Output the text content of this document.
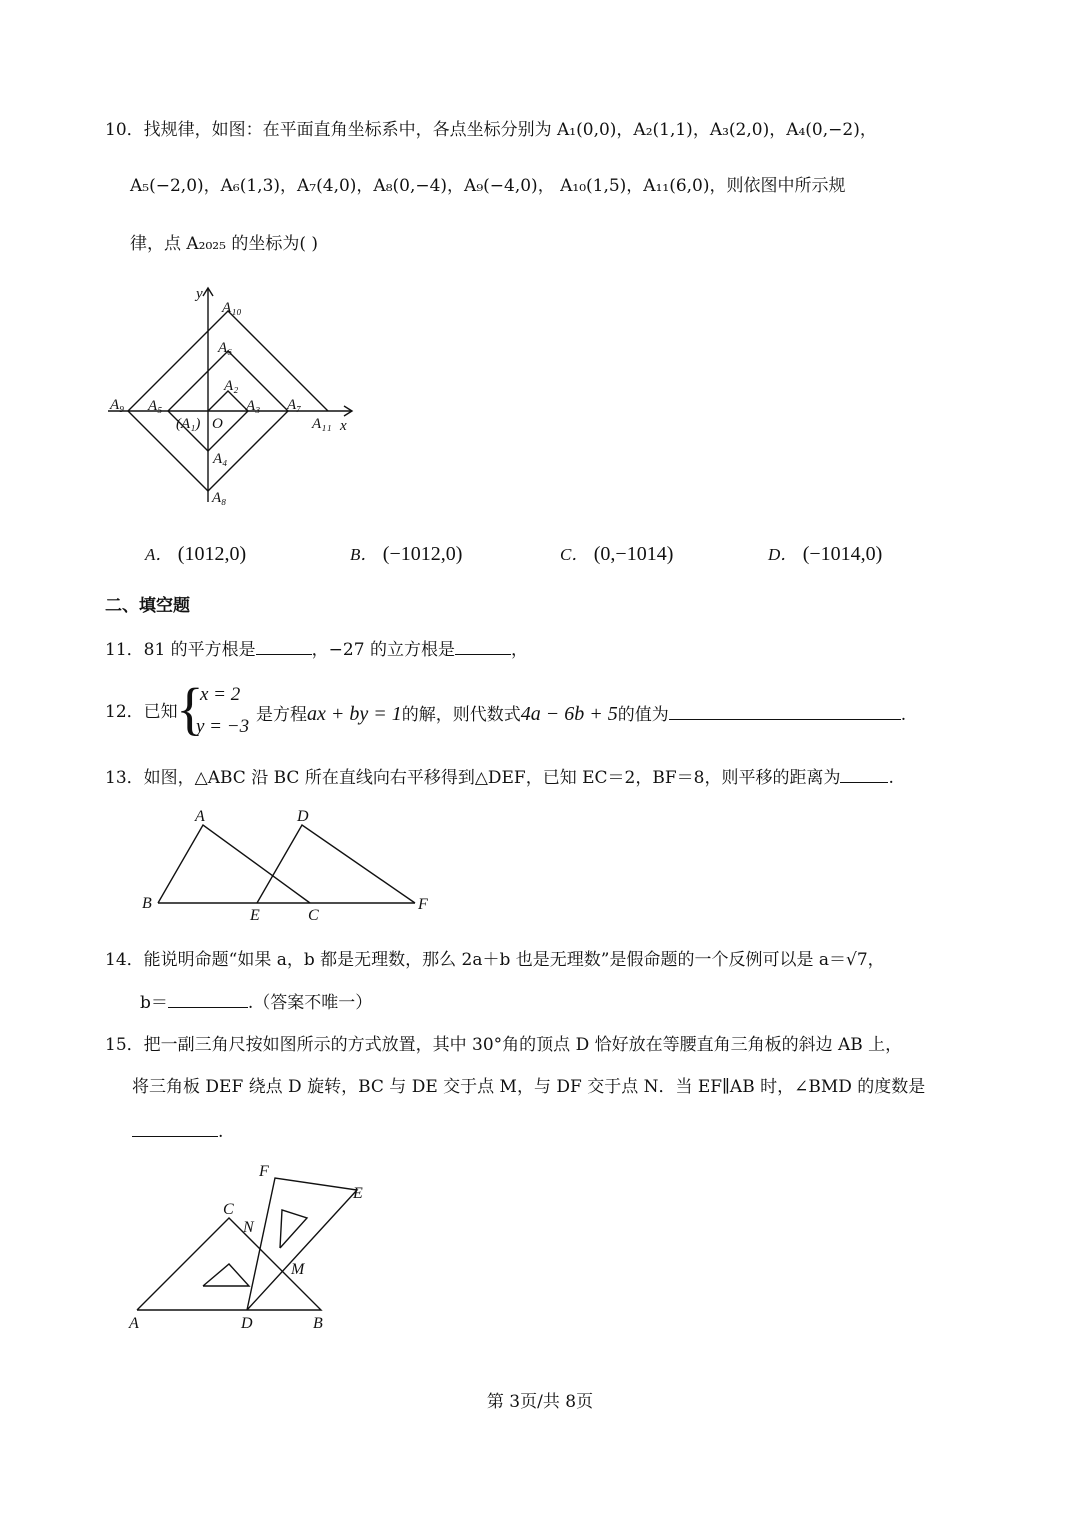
10．找规律，如图：在平面直角坐标系中，各点坐标分别为 A₁(0,0)，A₂(1,1)，A₃(2,0)，A₄(0,−2)，
A₅(−2,0)，A₆(1,3)，A₇(4,0)，A₈(0,−4)，A₉(−4,0)， A₁₀(1,5)，A₁₁(6,0)，则依图中所示规
律，点 A₂₀₂₅ 的坐标为( )
y
x
O
(A₁)
A₂
A₃
A₄
A₅
A₆
A₇
A₈
A₉
A₁₀
A₁₁
A． (1012,0)	B． (−1012,0)	C． (0,−1014)	D． (−1014,0)
二、填空题
11．81 的平方根是	，−27 的立方根是	，
12．已知
{
x = 2
y = −3
是方程ax + by = 1的解，则代数式4a − 6b + 5的值为	.
13．如图，△ABC 沿 BC 所在直线向右平移得到△DEF，已知 EC＝2，BF＝8，则平移的距离为	.
A
B
C
D
E
F
14．能说明命题“如果 a，b 都是无理数，那么 2a＋b 也是无理数”是假命题的一个反例可以是 a＝√7，
b＝	.（答案不唯一）
15．把一副三角尺按如图所示的方式放置，其中 30°角的顶点 D 恰好放在等腰直角三角板的斜边 AB 上，
将三角板 DEF 绕点 D 旋转，BC 与 DE 交于点 M，与 DF 交于点 N．当 EF∥AB 时，∠BMD 的度数是
.
A	B
C
D
E
F
M
N
第 3页/共 8页
